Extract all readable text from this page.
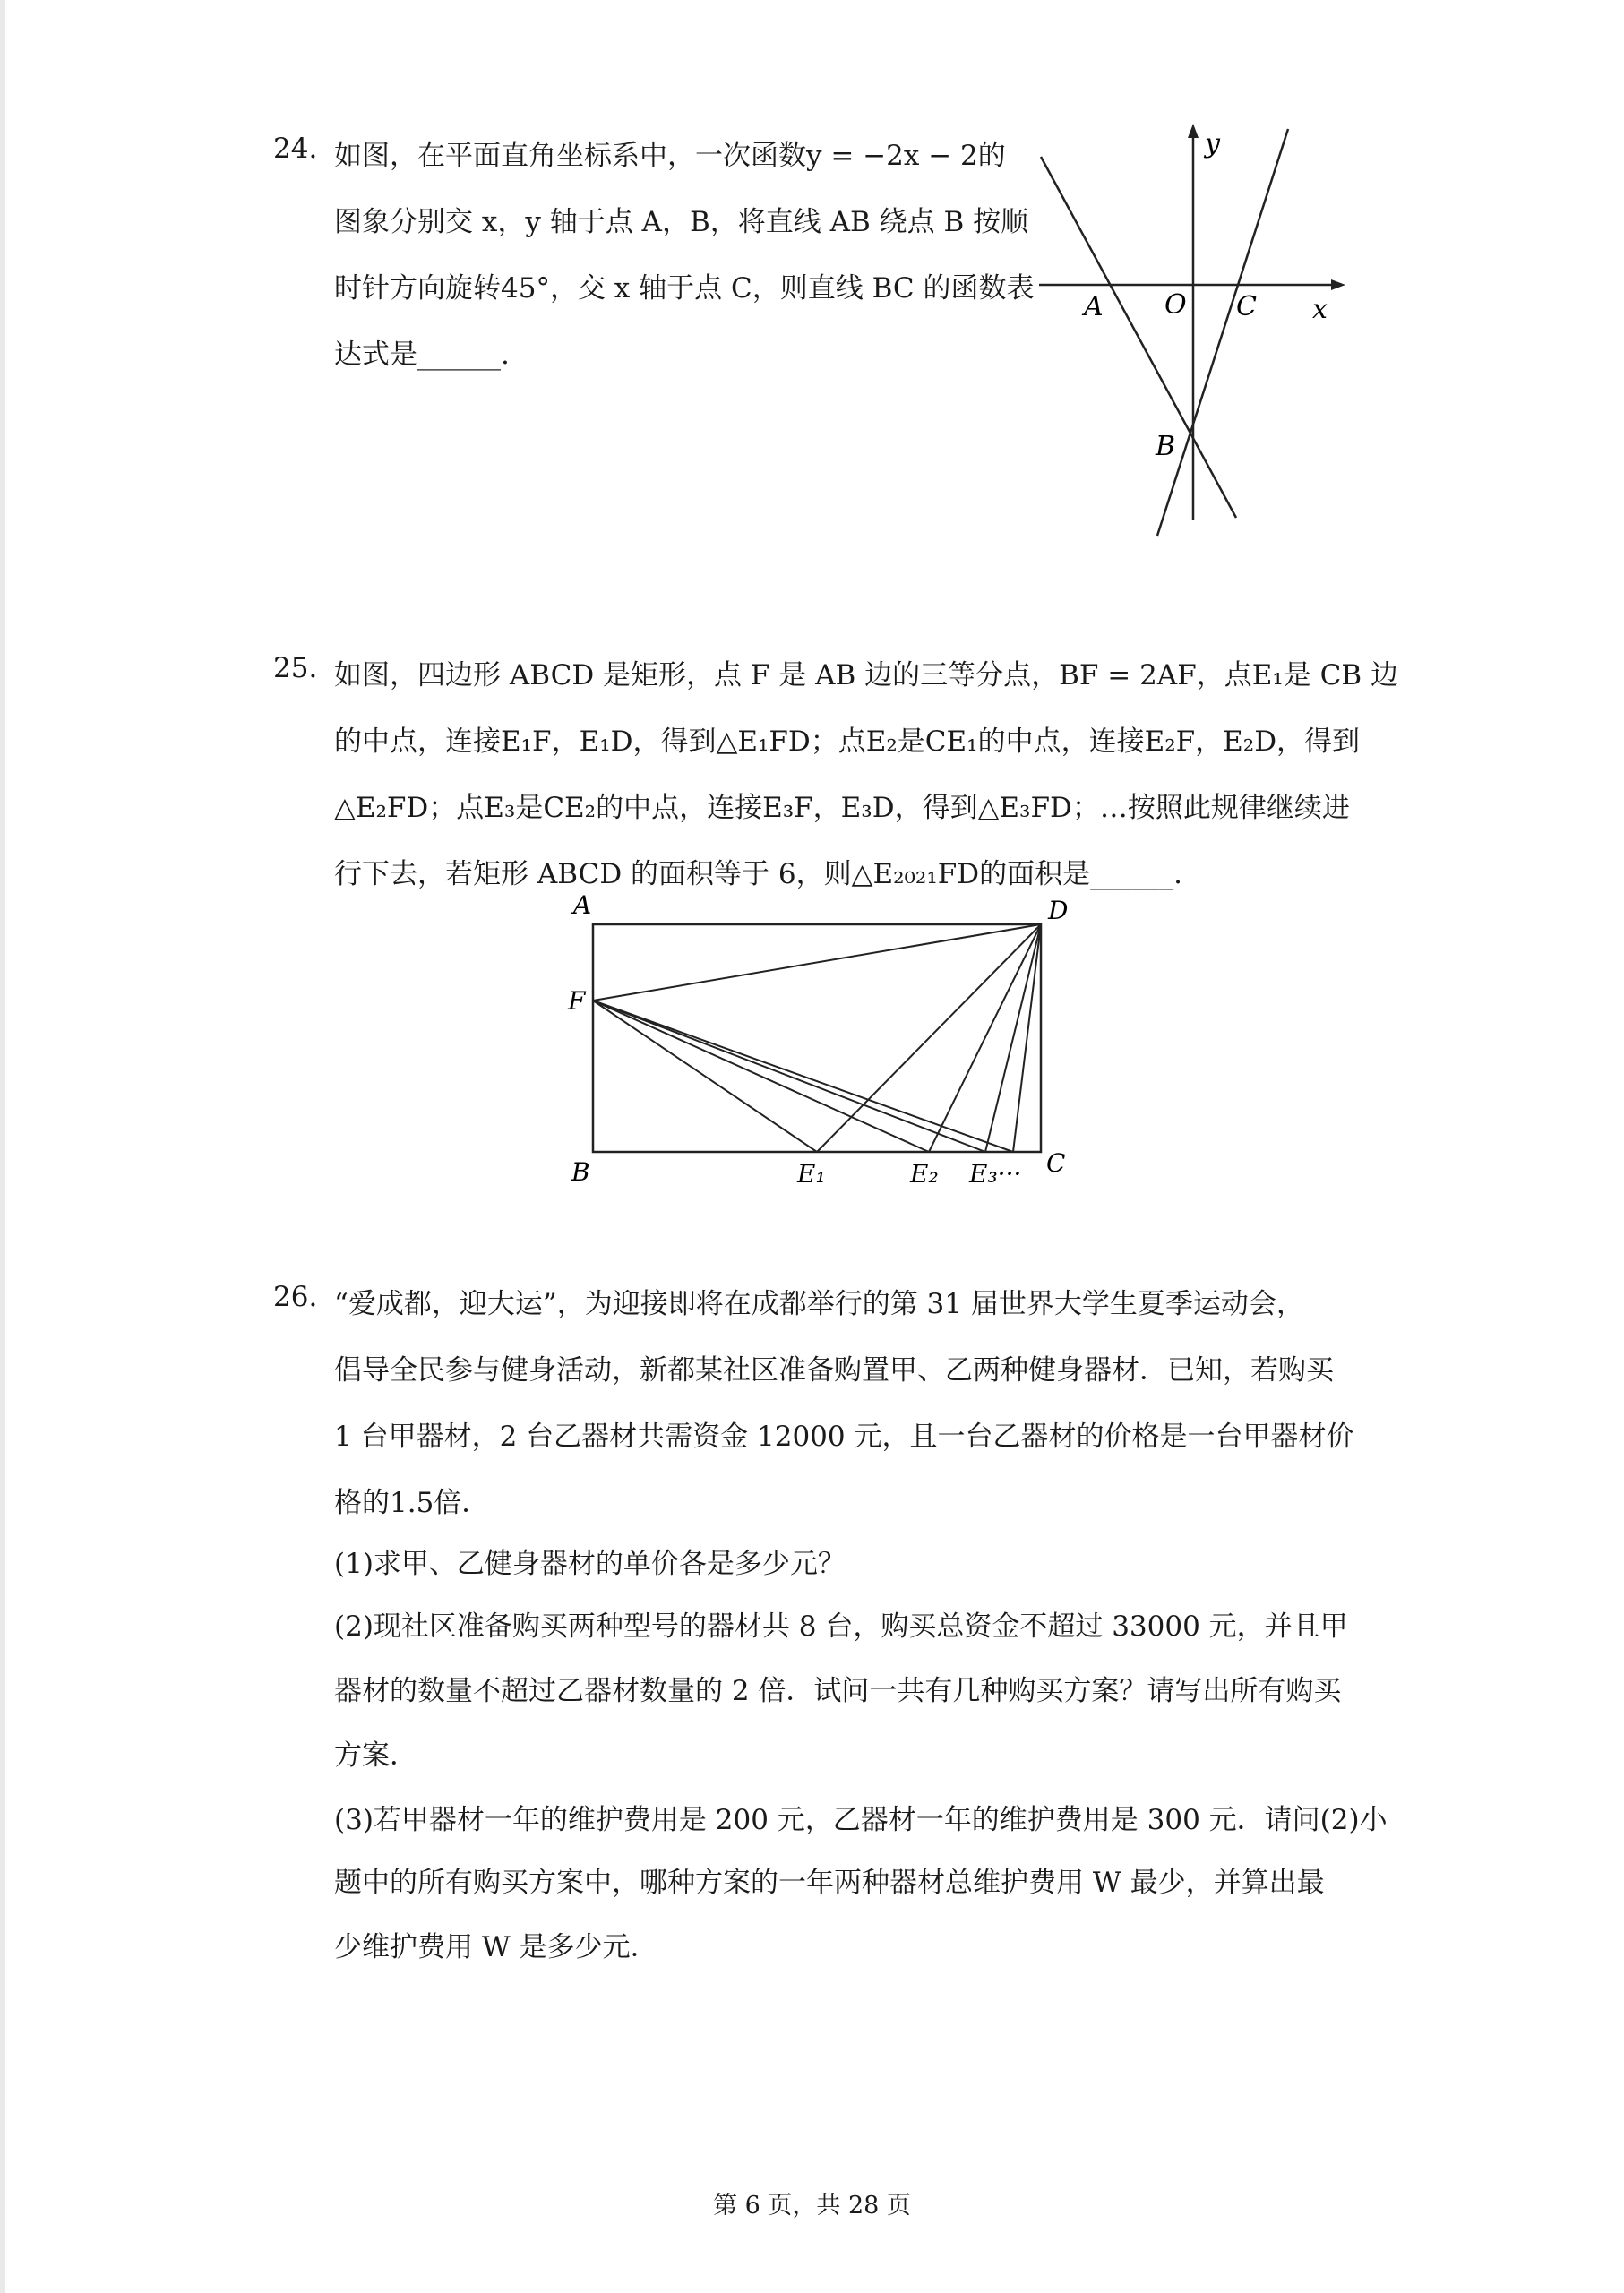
24. 如图，在平面直角坐标系中，一次函数y = −2x − 2的
图象分别交 x，y 轴于点 A，B，将直线 AB 绕点 B 按顺
时针方向旋转45°，交 x 轴于点 C，则直线 BC 的函数表
达式是______.
y
x
A O C
B
25. 如图，四边形 ABCD 是矩形，点 F 是 AB 边的三等分点，BF = 2AF，点E₁是 CB 边
的中点，连接E₁F，E₁D，得到△E₁FD；点E₂是CE₁的中点，连接E₂F，E₂D，得到
△E₂FD；点E₃是CE₂的中点，连接E₃F，E₃D，得到△E₃FD；…按照此规律继续进
行下去，若矩形 ABCD 的面积等于 6，则△E₂₀₂₁FD的面积是______.
A	D
F
B	E₁	E₂ E₃··· C
26. “爱成都，迎大运”，为迎接即将在成都举行的第 31 届世界大学生夏季运动会，
倡导全民参与健身活动，新都某社区准备购置甲、乙两种健身器材．已知，若购买
1 台甲器材，2 台乙器材共需资金 12000 元，且一台乙器材的价格是一台甲器材价
格的1.5倍．
(1)求甲、乙健身器材的单价各是多少元？
(2)现社区准备购买两种型号的器材共 8 台，购买总资金不超过 33000 元，并且甲
器材的数量不超过乙器材数量的 2 倍．试问一共有几种购买方案？请写出所有购买
方案．
(3)若甲器材一年的维护费用是 200 元，乙器材一年的维护费用是 300 元．请问(2)小
题中的所有购买方案中，哪种方案的一年两种器材总维护费用 W 最少，并算出最
少维护费用 W 是多少元．
第 6 页，共 28 页
